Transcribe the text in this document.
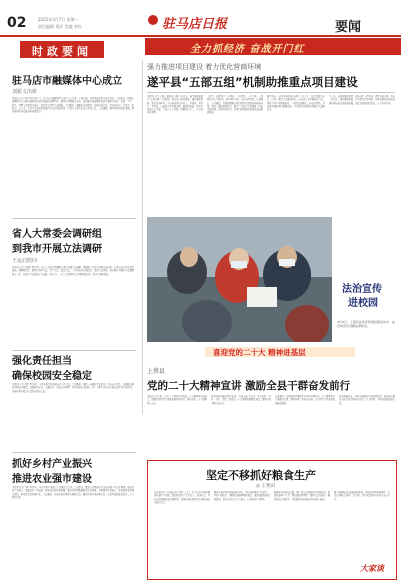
02	2022年3月7日 星期一
责任编辑 刘洋 美编 李红	驻马店日报	要闻
时政要闻	全力抓经济 奋战开门红
驻马店市融媒体中心成立
刘振文出席
本报讯 记者 刘洋 3月4日上午，驻马店市融媒体中心成立大会召开。市委常委、宣传部长出席会议并讲话。会议指出，组建市融媒体中心是推进媒体深度融合发展的重要举措，要坚持正确政治方向，加快推动传统媒体和新兴媒体在内容、渠道、平台、经营、管理等方面深度融合，着力打造新型主流媒体。会议要求，要强化内容建设，创新传播方式，提升传播力、引导力、影响力、公信力，为驻马店高质量发展营造良好舆论氛围。市直有关单位负责人参加会议。会议强调，要坚持移动优先策略，推动优质内容资源向移动端集中。
省人大常委会调研组
到我市开展立法调研
王运启陪同
本报讯 记者 王建设 3月3日，省人大常委会调研组来我市开展立法调研。调研组一行深入基层实地察看，召开座谈会听取意见建议。调研组指出，要坚持科学立法、民主立法、依法立法，广泛听取各方面意见，提高立法质量。我市要认真做好立法调研配合工作，为地方立法提供有力支撑。座谈会上，与会人员围绕立法草案发表意见，提出了修改建议。
强化责任担当
确保校园安全稳定
本报讯 记者 张磊 3月4日，市教育局召开校园安全工作会议。会议要求，要进一步强化责任担当，压实安全责任，全面排查整治校园安全隐患，加强食品安全、交通安全、消防安全管理，筑牢校园安全防线，为广大师生营造安全稳定的学习生活环境。各县区教育部门负责同志参加会议。
抓好乡村产业振兴
推进农业强市建设
本报讯 记者 李华 3月5日，全市乡村产业振兴工作推进会召开。会议指出，要深入贯彻落实中央和省委一号文件精神，抓好乡村产业振兴，做强农业产业链条，推动农业高质量发展。要持续巩固拓展脱贫攻坚成果，全面推进乡村振兴，加快推进农业强市建设，推动农业农村现代化。会议要求，各地各部门要切实履职尽责，确保各项任务落到实处，以优异成绩迎接党的二十大胜利召开。
强力推进项目建设 着力优化营商环境
遂平县“五部五组”机制助推重点项目建设
本报讯 记者 丁新庄 通讯员 李维 今年以来，遂平县创新推行“五部五组”工作机制，聚焦重点项目建设，强化要素保障，优化营商环境，全力推动项目早开工、早建设、早投产、早见效。该县成立项目推进部、要素保障部、督查考核部等五个部，下设五个工作组，明确责任分工，实行清单化管理。
工作中，该县坚持“一个项目、一名领导、一个专班、一抓到底”的工作机制，建立项目台账，实行挂图作战，每周调度、每月通报，及时协调解决项目建设中遇到的困难和问题。同时，强化服务意识，推行“一站式”审批服务，压缩审批时限，提高审批效率，为项目建设提供优质高效的服务保障。
截至目前，该县共谋划重点项目一百余个，总投资数百亿元，已开工项目占比逐步提升。该县还大力开展招商引资，围绕主导产业精准招商，一批投资规模大、科技含量高、带动能力强的项目相继落地，为全县经济高质量发展注入强劲动力。
下一步，该县将继续深化“五部五组”工作机制，紧盯目标任务，压实工作责任，强化要素保障，持续优化营商环境，以项目建设的新成效推动县域经济高质量发展，以优异成绩迎接党的二十大胜利召开。
法治宣传
进校园
3月4日，上蔡县法治宣传进校园活动中，法官向学生讲解法律知识。
喜迎党的二十大 精神进基层
上蔡县
党的二十大精神宣讲 激励全县干群奋发前行
本报讯 记者 姜 宇 近日，上蔡县召开党的二十大精神宣讲动员会，组建宣讲团深入基层开展宣讲活动，推动党的二十大精神深入人心。
宣讲团成员通过集中宣讲、互动交流等方式，深入乡村、社区、企业、学校，把党的二十大精神送到群众身边，激励全县干群奋发前行。
该县要求，各级党组织要把学习宣传贯彻党的二十大精神作为首要政治任务，推动各项工作落实落地，奋力谱写上蔡高质量发展新篇章。
活动开展以来，全县干部群众学习热情高涨，纷纷表示要以实际行动贯彻落实党的二十大精神，为县域发展贡献力量。
坚定不移抓好粮食生产
◎ 王秀田
民以食为天，粮食安全是“国之大者”。驻马店是全国重要的粮食生产基地，抓好粮食生产责任重大、使命光荣。当前正值春耕备播关键时期，各级各部门要坚决扛稳粮食安全政治责任。
要落实最严格的耕地保护制度，坚决遏制耕地“非农化”，严防“非粮化”，确保粮食播种面积稳定。要加强高标准农田建设，提升农业综合生产能力，夯实粮食生产根基。
要强化农业科技支撑，推广优良品种和先进适用技术，提高粮食单产水平。要加强田间管理，做好病虫害防控，确保夏粮丰收到手，为保障国家粮食安全作出更大贡献。
要完善种粮农民收益保障机制，调动农民种粮积极性，让农民种粮有钱挣、得实惠，切实把饭碗牢牢端在自己手中。
大家谈
